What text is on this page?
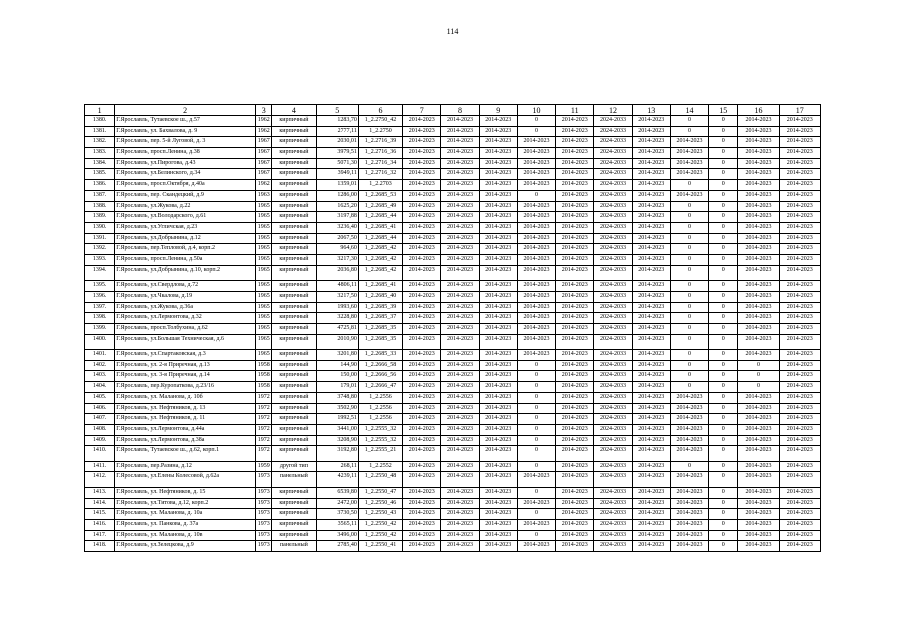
114
1	2	3	4	5	6	7	8	9	10	11	12	13	14	15	16	17
1380.	Г.Ярославль, Тутаевское ш., д.57	1962	кирпичный	1283,70	1_2.2750_42	2014-2023	2014-2023	2014-2023	0	2014-2023	2024-2033	2014-2023	0	0	2014-2023	2014-2023
1381.	Г.Ярославль, ул. Бахвалова, д. 9	1962	кирпичный	2777,11	1_2.2750	2014-2023	2014-2023	2014-2023	0	2014-2023	2024-2033	2014-2023	0	0	2014-2023	2014-2023
1382.	Г.Ярославль, пер. 5-й Луговой, д. 3	1967	кирпичный	2030,01	1_2.2716_39	2014-2023	2014-2023	2014-2023	2014-2023	2014-2023	2024-2033	2014-2023	2014-2023	0	2014-2023	2014-2023
1383.	Г.Ярославль, просп.Ленина, д.38	1967	кирпичный	3979,51	1_2.2716_36	2014-2023	2014-2023	2014-2023	2014-2023	2014-2023	2024-2033	2014-2023	2014-2023	0	2014-2023	2014-2023
1384.	Г.Ярославль, ул.Пирогова, д.43	1967	кирпичный	5071,30	1_2.2716_34	2014-2023	2014-2023	2014-2023	2014-2023	2014-2023	2024-2033	2014-2023	2014-2023	0	2014-2023	2014-2023
1385.	Г.Ярославль, ул.Белинского, д.34	1967	кирпичный	3949,11	1_2.2716_32	2014-2023	2014-2023	2014-2023	2014-2023	2014-2023	2024-2033	2014-2023	2014-2023	0	2014-2023	2014-2023
1386.	Г.Ярославль, просп.Октября, д.40а	1962	кирпичный	1359,01	1_2.2703	2014-2023	2014-2023	2014-2023	2014-2023	2014-2023	2024-2033	2014-2023	0	0	2014-2023	2014-2023
1387.	Г.Ярославль, пер. Скандецкий, д.9	1963	кирпичный	1286,00	1_2.2685_53	2014-2023	2014-2023	2014-2023	0	2014-2023	2024-2033	2014-2023	2014-2023	0	2014-2023	2014-2023
1388.	Г.Ярославль, ул.Жукова, д.22	1965	кирпичный	1625,20	1_2.2685_49	2014-2023	2014-2023	2014-2023	2014-2023	2014-2023	2024-2033	2014-2023	0	0	2014-2023	2014-2023
1389.	Г.Ярославль, ул.Володарского, д.61	1965	кирпичный	3197,88	1_2.2685_44	2014-2023	2014-2023	2014-2023	2014-2023	2014-2023	2024-2033	2014-2023	0	0	2014-2023	2014-2023
1390.	Г.Ярославль, ул.Угличская, д.23	1965	кирпичный	3236,40	1_2.2685_41	2014-2023	2014-2023	2014-2023	2014-2023	2014-2023	2024-2033	2014-2023	0	0	2014-2023	2014-2023
1391.	Г.Ярославль, ул.Добрынина, д.12	1965	кирпичный	2067,50	1_2.2685_44	2014-2023	2014-2023	2014-2023	2014-2023	2014-2023	2024-2033	2014-2023	0	0	2014-2023	2014-2023
1392.	Г.Ярославль, пер.Тепловой, д.4, корп.2	1965	кирпичный	964,60	1_2.2685_42	2014-2023	2014-2023	2014-2023	2014-2023	2014-2023	2024-2033	2014-2023	0	0	2014-2023	2014-2023
1393.	Г.Ярославль, просп.Ленина, д.50а	1965	кирпичный	3217,30	1_2.2685_42	2014-2023	2014-2023	2014-2023	2014-2023	2014-2023	2024-2033	2014-2023	0	0	2014-2023	2014-2023
1394.	Г.Ярославль, ул.Добрынина, д.10, корп.2	1965	кирпичный	2036,80	1_2.2685_42	2014-2023	2014-2023	2014-2023	2014-2023	2014-2023	2024-2033	2014-2023	0	0	2014-2023	2014-2023
1395.	Г.Ярославль, ул.Свердлова, д.72	1965	кирпичный	4806,11	1_2.2685_41	2014-2023	2014-2023	2014-2023	2014-2023	2014-2023	2024-2033	2014-2023	0	0	2014-2023	2014-2023
1396.	Г.Ярославль, ул.Чкалова, д.19	1965	кирпичный	3217,50	1_2.2685_40	2014-2023	2014-2023	2014-2023	2014-2023	2014-2023	2024-2033	2014-2023	0	0	2014-2023	2014-2023
1397.	Г.Ярославль, ул.Жукова, д.36а	1965	кирпичный	1993,60	1_2.2685_39	2014-2023	2014-2023	2014-2023	2014-2023	2014-2023	2024-2033	2014-2023	0	0	2014-2023	2014-2023
1398.	Г.Ярославль, ул.Лермонтова, д.32	1965	кирпичный	3228,80	1_2.2685_37	2014-2023	2014-2023	2014-2023	2014-2023	2014-2023	2024-2033	2014-2023	0	0	2014-2023	2014-2023
1399.	Г.Ярославль, просп.Толбухина, д.62	1965	кирпичный	4725,81	1_2.2685_35	2014-2023	2014-2023	2014-2023	2014-2023	2014-2023	2024-2033	2014-2023	0	0	2014-2023	2014-2023
1400.	Г.Ярославль, ул.Большая Техническая, д.6	1965	кирпичный	2010,90	1_2.2685_35	2014-2023	2014-2023	2014-2023	2014-2023	2014-2023	2024-2033	2014-2023	0	0	2014-2023	2014-2023
1401.	Г.Ярославль, ул.Спартаковская, д.3	1965	кирпичный	3201,80	1_2.2685_33	2014-2023	2014-2023	2014-2023	2014-2023	2014-2023	2024-2033	2014-2023	0	0	2014-2023	2014-2023
1402.	Г.Ярославль, ул. 2-я Приречная, д.13	1958	кирпичный	144,90	1_2.2666_58	2014-2023	2014-2023	2014-2023	0	2014-2023	2024-2033	2014-2023	0	0	0	2014-2023
1403.	Г.Ярославль, ул. 3-я Приречная, д.14	1958	кирпичный	150,00	1_2.2666_56	2014-2023	2014-2023	2014-2023	0	2014-2023	2024-2033	2014-2023	0	0	0	2014-2023
1404.	Г.Ярославль, пер.Куропаткова, д.23/16	1958	кирпичный	179,01	1_2.2666_47	2014-2023	2014-2023	2014-2023	0	2014-2023	2024-2033	2014-2023	0	0	0	2014-2023
1405.	Г.Ярославль, ул. Маланова, д. 10б	1972	кирпичный	3748,80	1_2.2556	2014-2023	2014-2023	2014-2023	0	2014-2023	2024-2033	2014-2023	2014-2023	0	2014-2023	2014-2023
1406.	Г.Ярославль, ул. Нефтяников, д. 13	1972	кирпичный	3502,90	1_2.2556	2014-2023	2014-2023	2014-2023	0	2014-2023	2024-2033	2014-2023	2014-2023	0	2014-2023	2014-2023
1407.	Г.Ярославль, ул. Нефтяников, д. 11	1972	кирпичный	1992,51	1_2.2556	2014-2023	2014-2023	2014-2023	0	2014-2023	2024-2033	2014-2023	2014-2023	0	2014-2023	2014-2023
1408.	Г.Ярославль, ул.Лермонтова, д.44а	1972	кирпичный	3441,00	1_2.2555_32	2014-2023	2014-2023	2014-2023	0	2014-2023	2024-2033	2014-2023	2014-2023	0	2014-2023	2014-2023
1409.	Г.Ярославль, ул.Лермонтова, д.38а	1972	кирпичный	3208,90	1_2.2555_32	2014-2023	2014-2023	2014-2023	0	2014-2023	2024-2033	2014-2023	2014-2023	0	2014-2023	2014-2023
1410.	Г.Ярославль, Тутаевское ш., д.62, корп.1	1972	кирпичный	3192,80	1_2.2555_21	2014-2023	2014-2023	2014-2023	0	2014-2023	2024-2033	2014-2023	2014-2023	0	2014-2023	2014-2023
1411.	Г.Ярославль, пер.Разина, д.12	1959	другой тип	268,11	1_2.2552	2014-2023	2014-2023	2014-2023	0	2014-2023	2024-2033	2014-2023	0	0	2014-2023	2014-2023
1412.	Г.Ярославль, ул.Елены Колесовой, д.62а	1973	панельный	4239,11	1_2.2550_48	2014-2023	2014-2023	2014-2023	2014-2023	2014-2023	2024-2033	2014-2023	2014-2023	0	2014-2023	2014-2023
1413.	Г.Ярославль, ул. Нефтяников, д. 15	1973	кирпичный	6539,80	1_2.2550_47	2014-2023	2014-2023	2014-2023	0	2014-2023	2024-2033	2014-2023	2014-2023	0	2014-2023	2014-2023
1414.	Г.Ярославль, ул.Титова, д.12, корп.2	1973	кирпичный	2472,00	1_2.2550_46	2014-2023	2014-2023	2014-2023	2014-2023	2014-2023	2024-2033	2014-2023	2014-2023	0	2014-2023	2014-2023
1415.	Г.Ярославль, ул. Маланова, д. 10а	1973	кирпичный	3730,50	1_2.2550_43	2014-2023	2014-2023	2014-2023	0	2014-2023	2024-2033	2014-2023	2014-2023	0	2014-2023	2014-2023
1416.	Г.Ярославль, ул. Панкова, д. 37а	1973	кирпичный	3565,11	1_2.2550_42	2014-2023	2014-2023	2014-2023	2014-2023	2014-2023	2024-2033	2014-2023	2014-2023	0	2014-2023	2014-2023
1417.	Г.Ярославль, ул. Маланова, д. 10в	1973	кирпичный	3496,00	1_2.2550_42	2014-2023	2014-2023	2014-2023	0	2014-2023	2024-2033	2014-2023	2014-2023	0	2014-2023	2014-2023
1418.	Г.Ярославль, ул.Зелецкова, д.9	1973	панельный	2785,40	1_2.2550_41	2014-2023	2014-2023	2014-2023	2014-2023	2014-2023	2024-2033	2014-2023	2014-2023	0	2014-2023	2014-2023
